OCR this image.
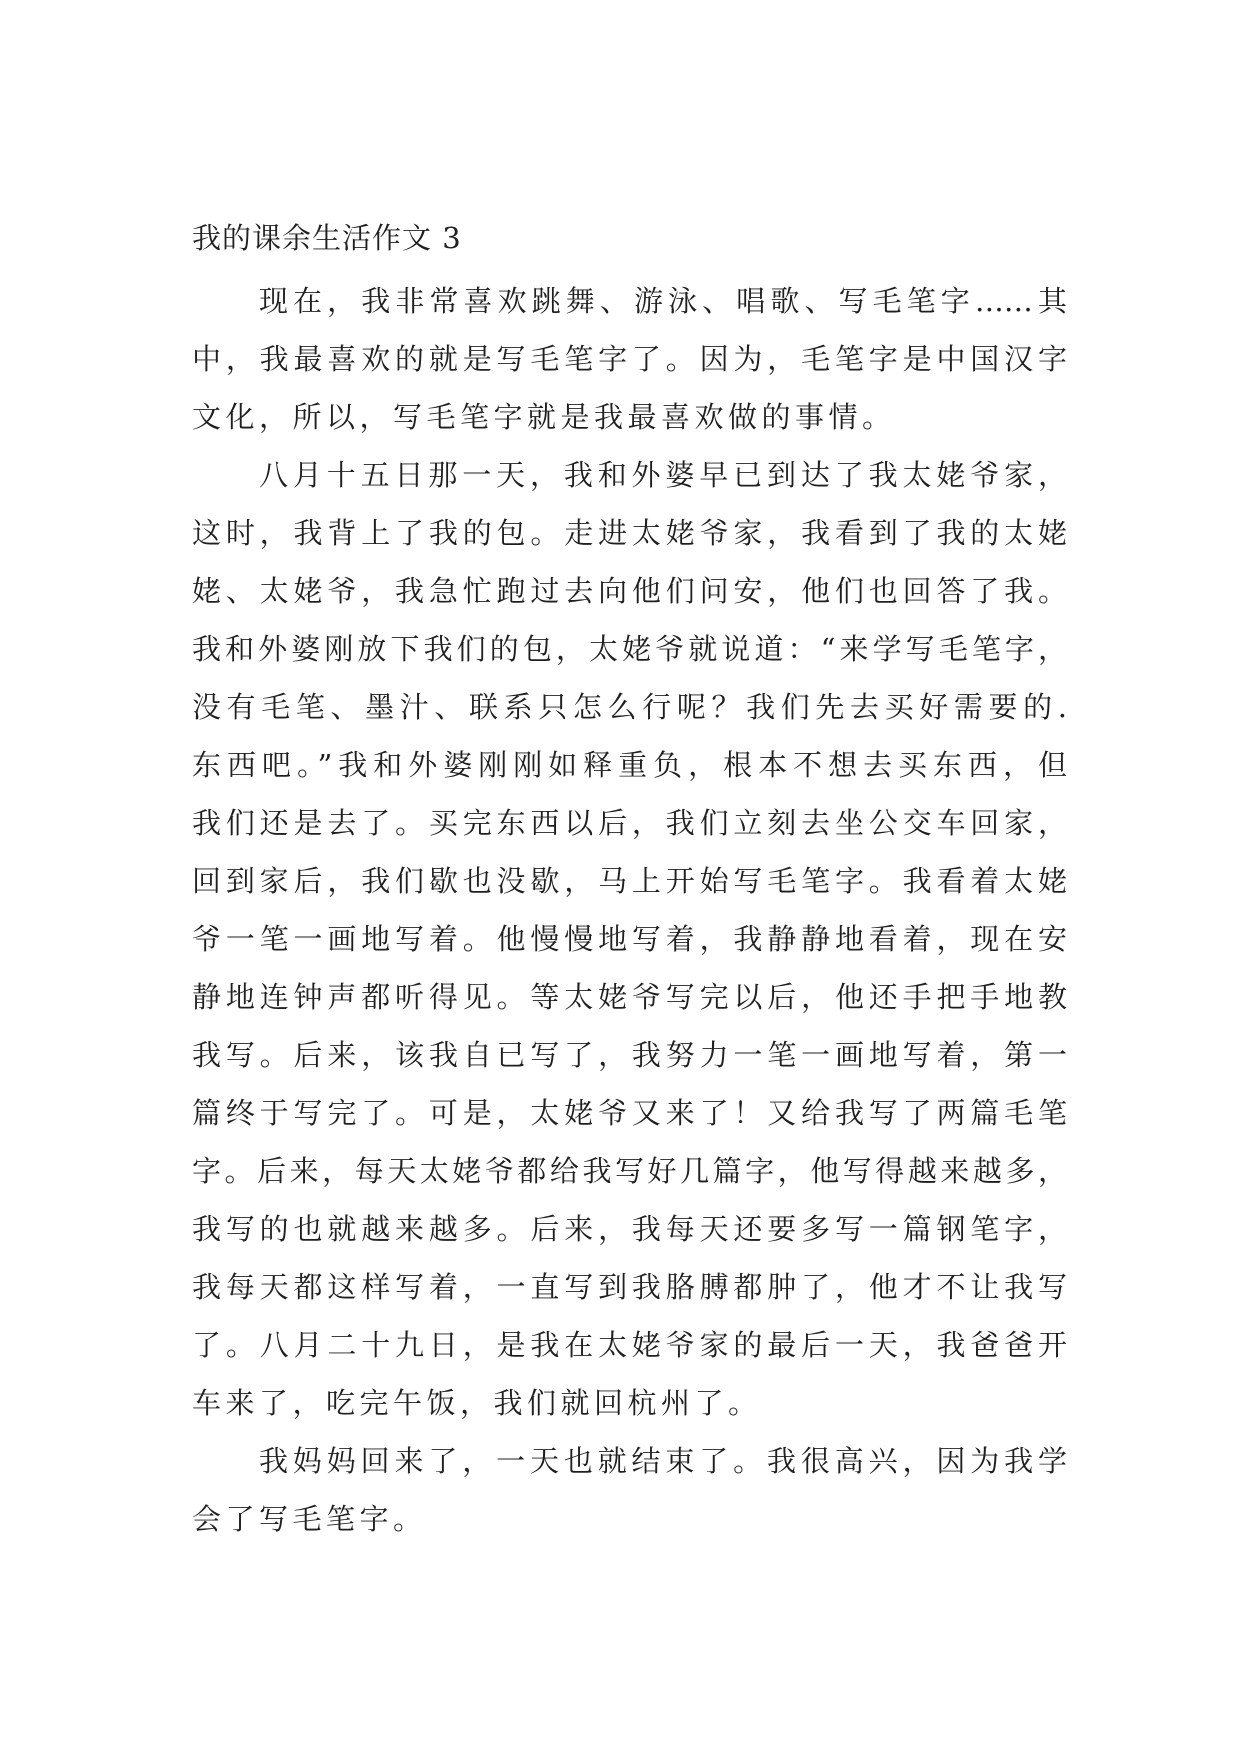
我的课余生活作文 3
现在，我非常喜欢跳舞、游泳、唱歌、写毛笔字……其
中，我最喜欢的就是写毛笔字了。因为，毛笔字是中国汉字
文化，所以，写毛笔字就是我最喜欢做的事情。
八月十五日那一天，我和外婆早已到达了我太姥爷家，
这时，我背上了我的包。走进太姥爷家，我看到了我的太姥
姥、太姥爷，我急忙跑过去向他们问安，他们也回答了我。
我和外婆刚放下我们的包，太姥爷就说道：“来学写毛笔字，
没有毛笔、墨汁、联系只怎么行呢？我们先去买好需要的.
东西吧。”我和外婆刚刚如释重负，根本不想去买东西，但
我们还是去了。买完东西以后，我们立刻去坐公交车回家，
回到家后，我们歇也没歇，马上开始写毛笔字。我看着太姥
爷一笔一画地写着。他慢慢地写着，我静静地看着，现在安
静地连钟声都听得见。等太姥爷写完以后，他还手把手地教
我写。后来，该我自已写了，我努力一笔一画地写着，第一
篇终于写完了。可是，太姥爷又来了！又给我写了两篇毛笔
字。后来，每天太姥爷都给我写好几篇字，他写得越来越多，
我写的也就越来越多。后来，我每天还要多写一篇钢笔字，
我每天都这样写着，一直写到我胳膊都肿了，他才不让我写
了。八月二十九日，是我在太姥爷家的最后一天，我爸爸开
车来了，吃完午饭，我们就回杭州了。
我妈妈回来了，一天也就结束了。我很高兴，因为我学
会了写毛笔字。
